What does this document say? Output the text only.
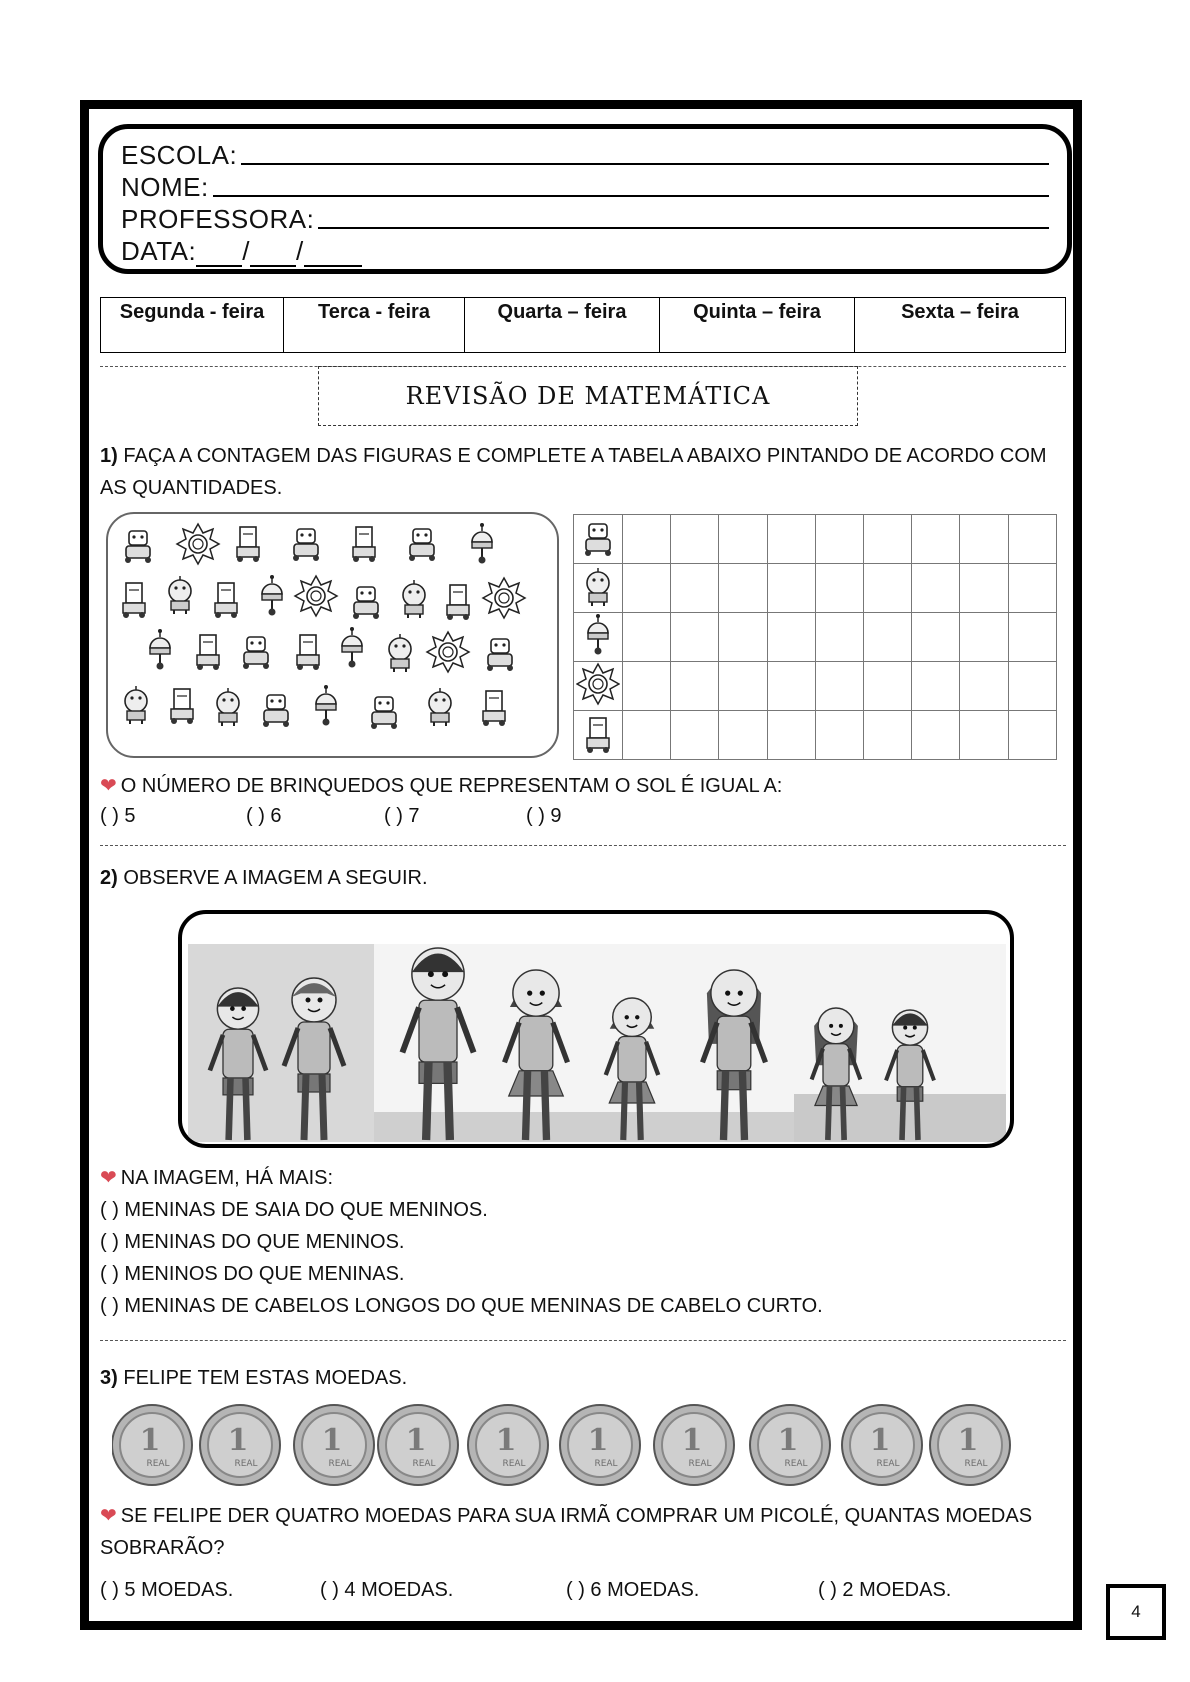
ESCOLA:
NOME:
PROFESSORA:
DATA: / /
Segunda - feira	Terca - feira	Quarta – feira	Quinta – feira	Sexta – feira
REVISÃO DE MATEMÁTICA
1) FAÇA A CONTAGEM DAS FIGURAS E COMPLETE A TABELA ABAIXO PINTANDO DE ACORDO COM
AS QUANTIDADES.

❤ O NÚMERO DE BRINQUEDOS QUE REPRESENTAM O SOL É IGUAL A:
( ) 5	( ) 6	( ) 7	( ) 9
2) OBSERVE A IMAGEM A SEGUIR.
❤ NA IMAGEM, HÁ MAIS:
( ) MENINAS DE SAIA DO QUE MENINOS.
( ) MENINAS DO QUE MENINOS.
( ) MENINOS DO QUE MENINAS.
( ) MENINAS DE CABELOS LONGOS DO QUE MENINAS DE CABELO CURTO.
3) FELIPE TEM ESTAS MOEDAS.
1
REAL
1
REAL
1
REAL
1
REAL
1
REAL
1
REAL
1
REAL
1
REAL
1
REAL
1
REAL
❤ SE FELIPE DER QUATRO MOEDAS PARA SUA IRMÃ COMPRAR UM PICOLÉ, QUANTAS MOEDAS
SOBRARÃO?
( ) 5 MOEDAS.	( ) 4 MOEDAS.	( ) 6 MOEDAS.	( ) 2 MOEDAS.
4
